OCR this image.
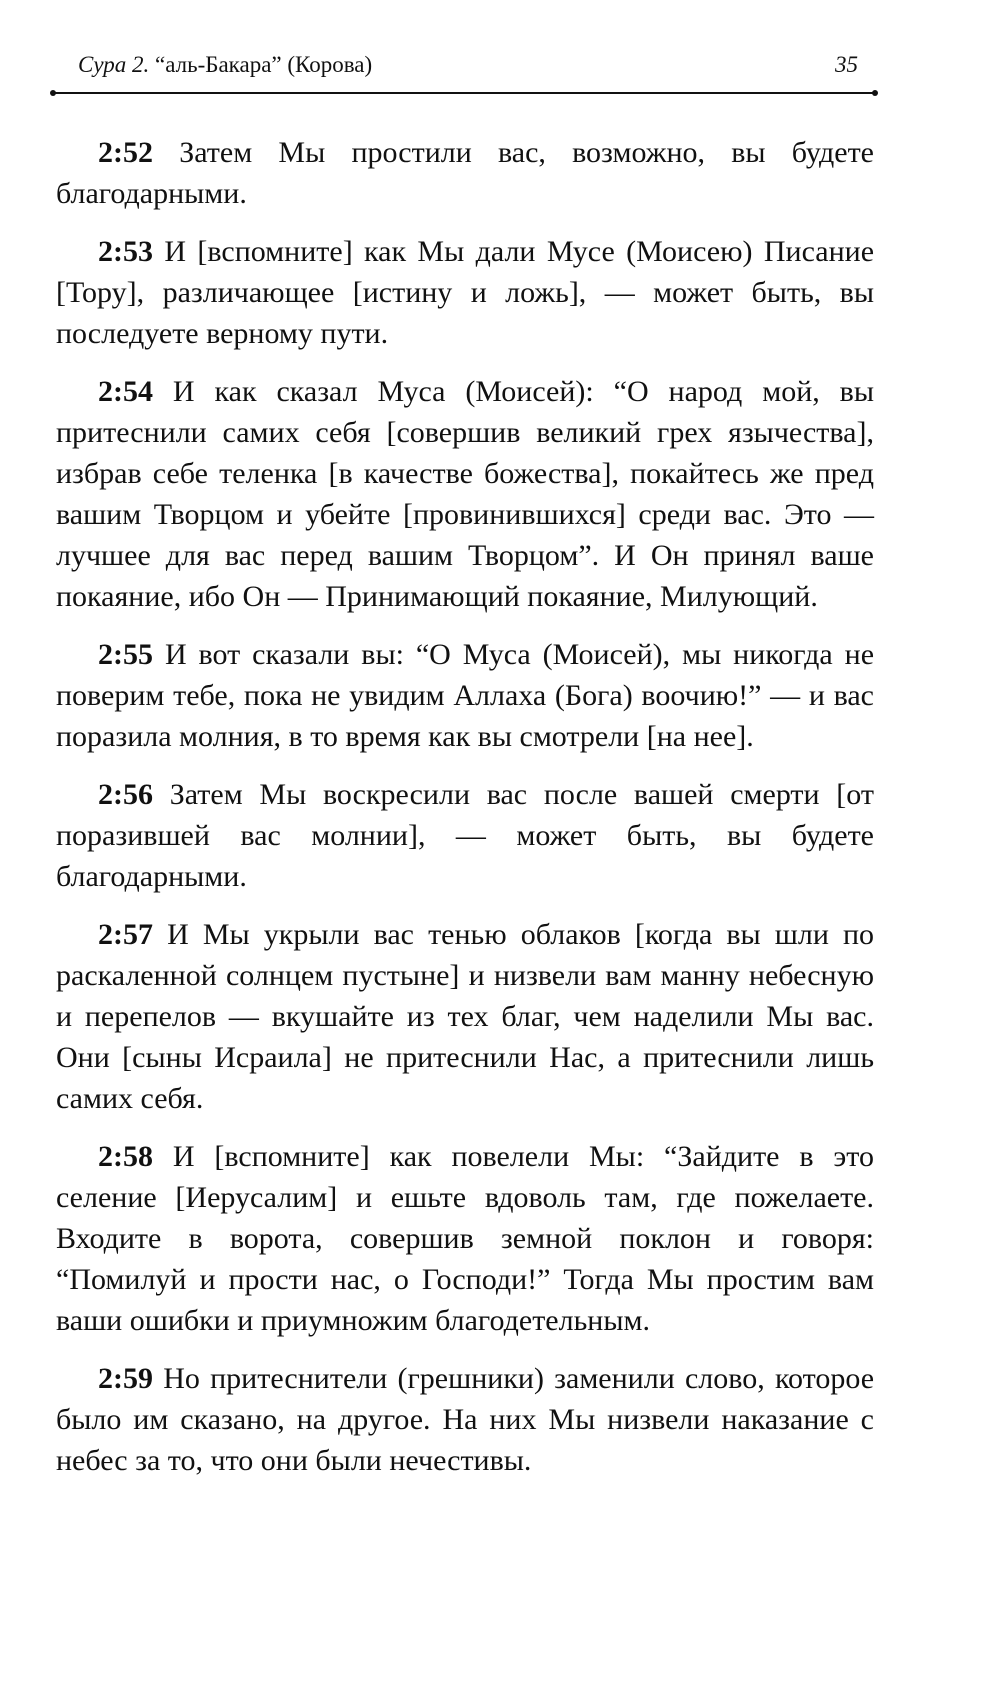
Сура 2. “аль-Бакара” (Корова)	35

2:52 Затем Мы простили вас, возможно, вы будете благодарными.

2:53 И [вспомните] как Мы дали Мусе (Моисею) Писание [Тору], различающее [истину и ложь], — может быть, вы последуете верному пути.

2:54 И как сказал Муса (Моисей): “О народ мой, вы притеснили самих себя [совершив великий грех язычества], избрав себе теленка [в качестве божества], покайтесь же пред вашим Творцом и убейте [провинившихся] среди вас. Это — лучшее для вас перед вашим Творцом”. И Он принял ваше покаяние, ибо Он — Принимающий покаяние, Милующий.

2:55 И вот сказали вы: “О Муса (Моисей), мы никогда не поверим тебе, пока не увидим Аллаха (Бога) воочию!” — и вас поразила молния, в то время как вы смотрели [на нее].

2:56 Затем Мы воскресили вас после вашей смерти [от поразившей вас молнии], — может быть, вы будете благодарными.

2:57 И Мы укрыли вас тенью облаков [когда вы шли по раскаленной солнцем пустыне] и низвели вам манну небесную и перепелов — вкушайте из тех благ, чем наделили Мы вас. Они [сыны Исраила] не притеснили Нас, а притеснили лишь самих себя.

2:58 И [вспомните] как повелели Мы: “Зайдите в это селение [Иерусалим] и ешьте вдоволь там, где пожелаете. Входите в ворота, совершив земной поклон и говоря: “Помилуй и прости нас, о Господи!” Тогда Мы простим вам ваши ошибки и приумножим благодетельным.

2:59 Но притеснители (грешники) заменили слово, которое было им сказано, на другое. На них Мы низвели наказание с небес за то, что они были нечестивы.
